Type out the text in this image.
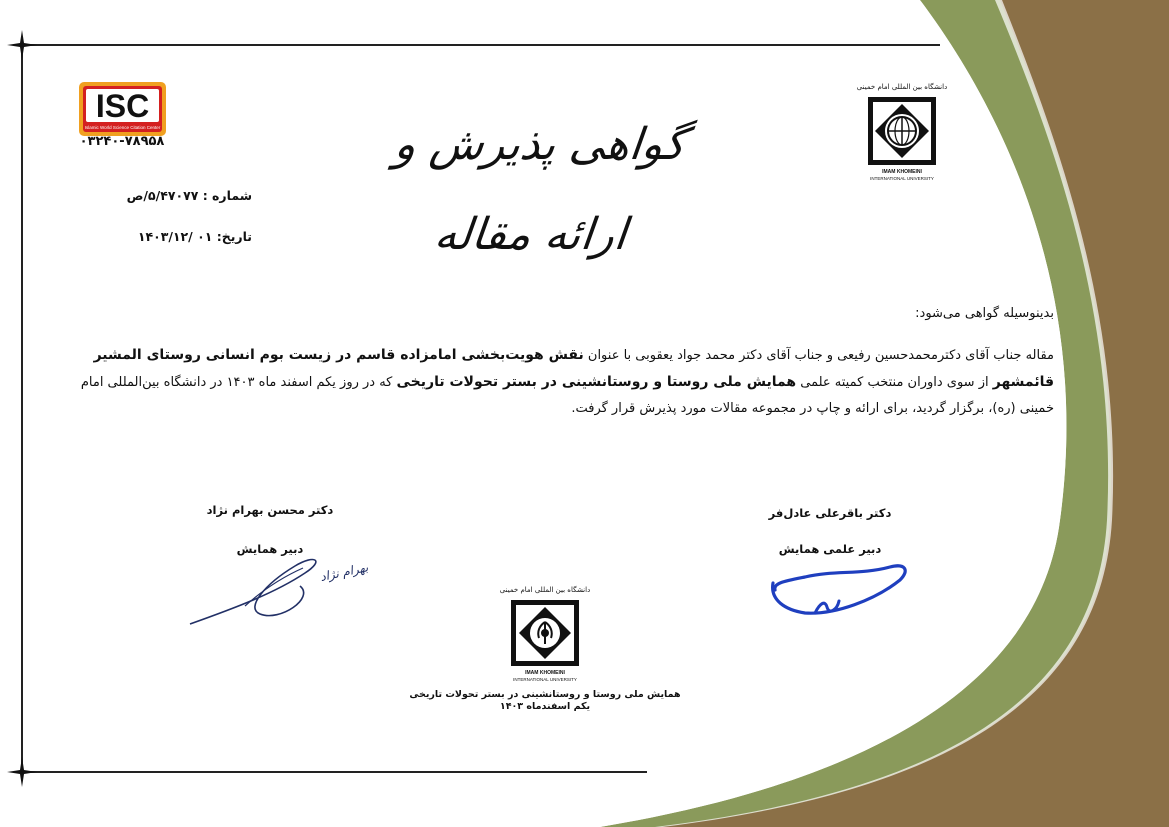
ISC
Islamic World Science Citation Center
۰۳۲۴۰-۷۸۹۵۸	گواهی پذیرش و ارائه مقاله
شماره : ۵/۴۷۰۷۷/ص
تاریخ: ۰۱ /۱۴۰۳/۱۲
دانشگاه بین المللی امام خمینی
IMAM KHOMEINI
INTERNATIONAL UNIVERSITY
بدینوسیله گواهی می‌شود:
مقاله جناب آقای دکترمحمدحسین رفیعی و جناب آقای دکتر محمد جواد یعقوبی با عنوان نقش هویت‌بخشی امامزاده قاسم در زیست بوم انسانی روستای المشیر قائمشهر از سوی داوران منتخب کمیته علمی همایش ملی روستا و روستانشینی در بستر تحولات تاریخی که در روز یکم اسفند ماه ۱۴۰۳ در دانشگاه بین‌المللی امام خمینی (ره)، برگزار گردید، برای ارائه و چاپ در مجموعه مقالات مورد پذیرش قرار گرفت.
دکتر محسن بهرام نژاد
دبیر همایش
بهرام نژاد
دکتر باقرعلی عادل‌فر
دبیر علمی همایش
دانشگاه بین المللی امام خمینی
IMAM KHOMEINI
INTERNATIONAL UNIVERSITY
همایش ملی روستا و روستانشینی در بستر تحولات تاریخی
یکم اسفندماه ۱۴۰۳
